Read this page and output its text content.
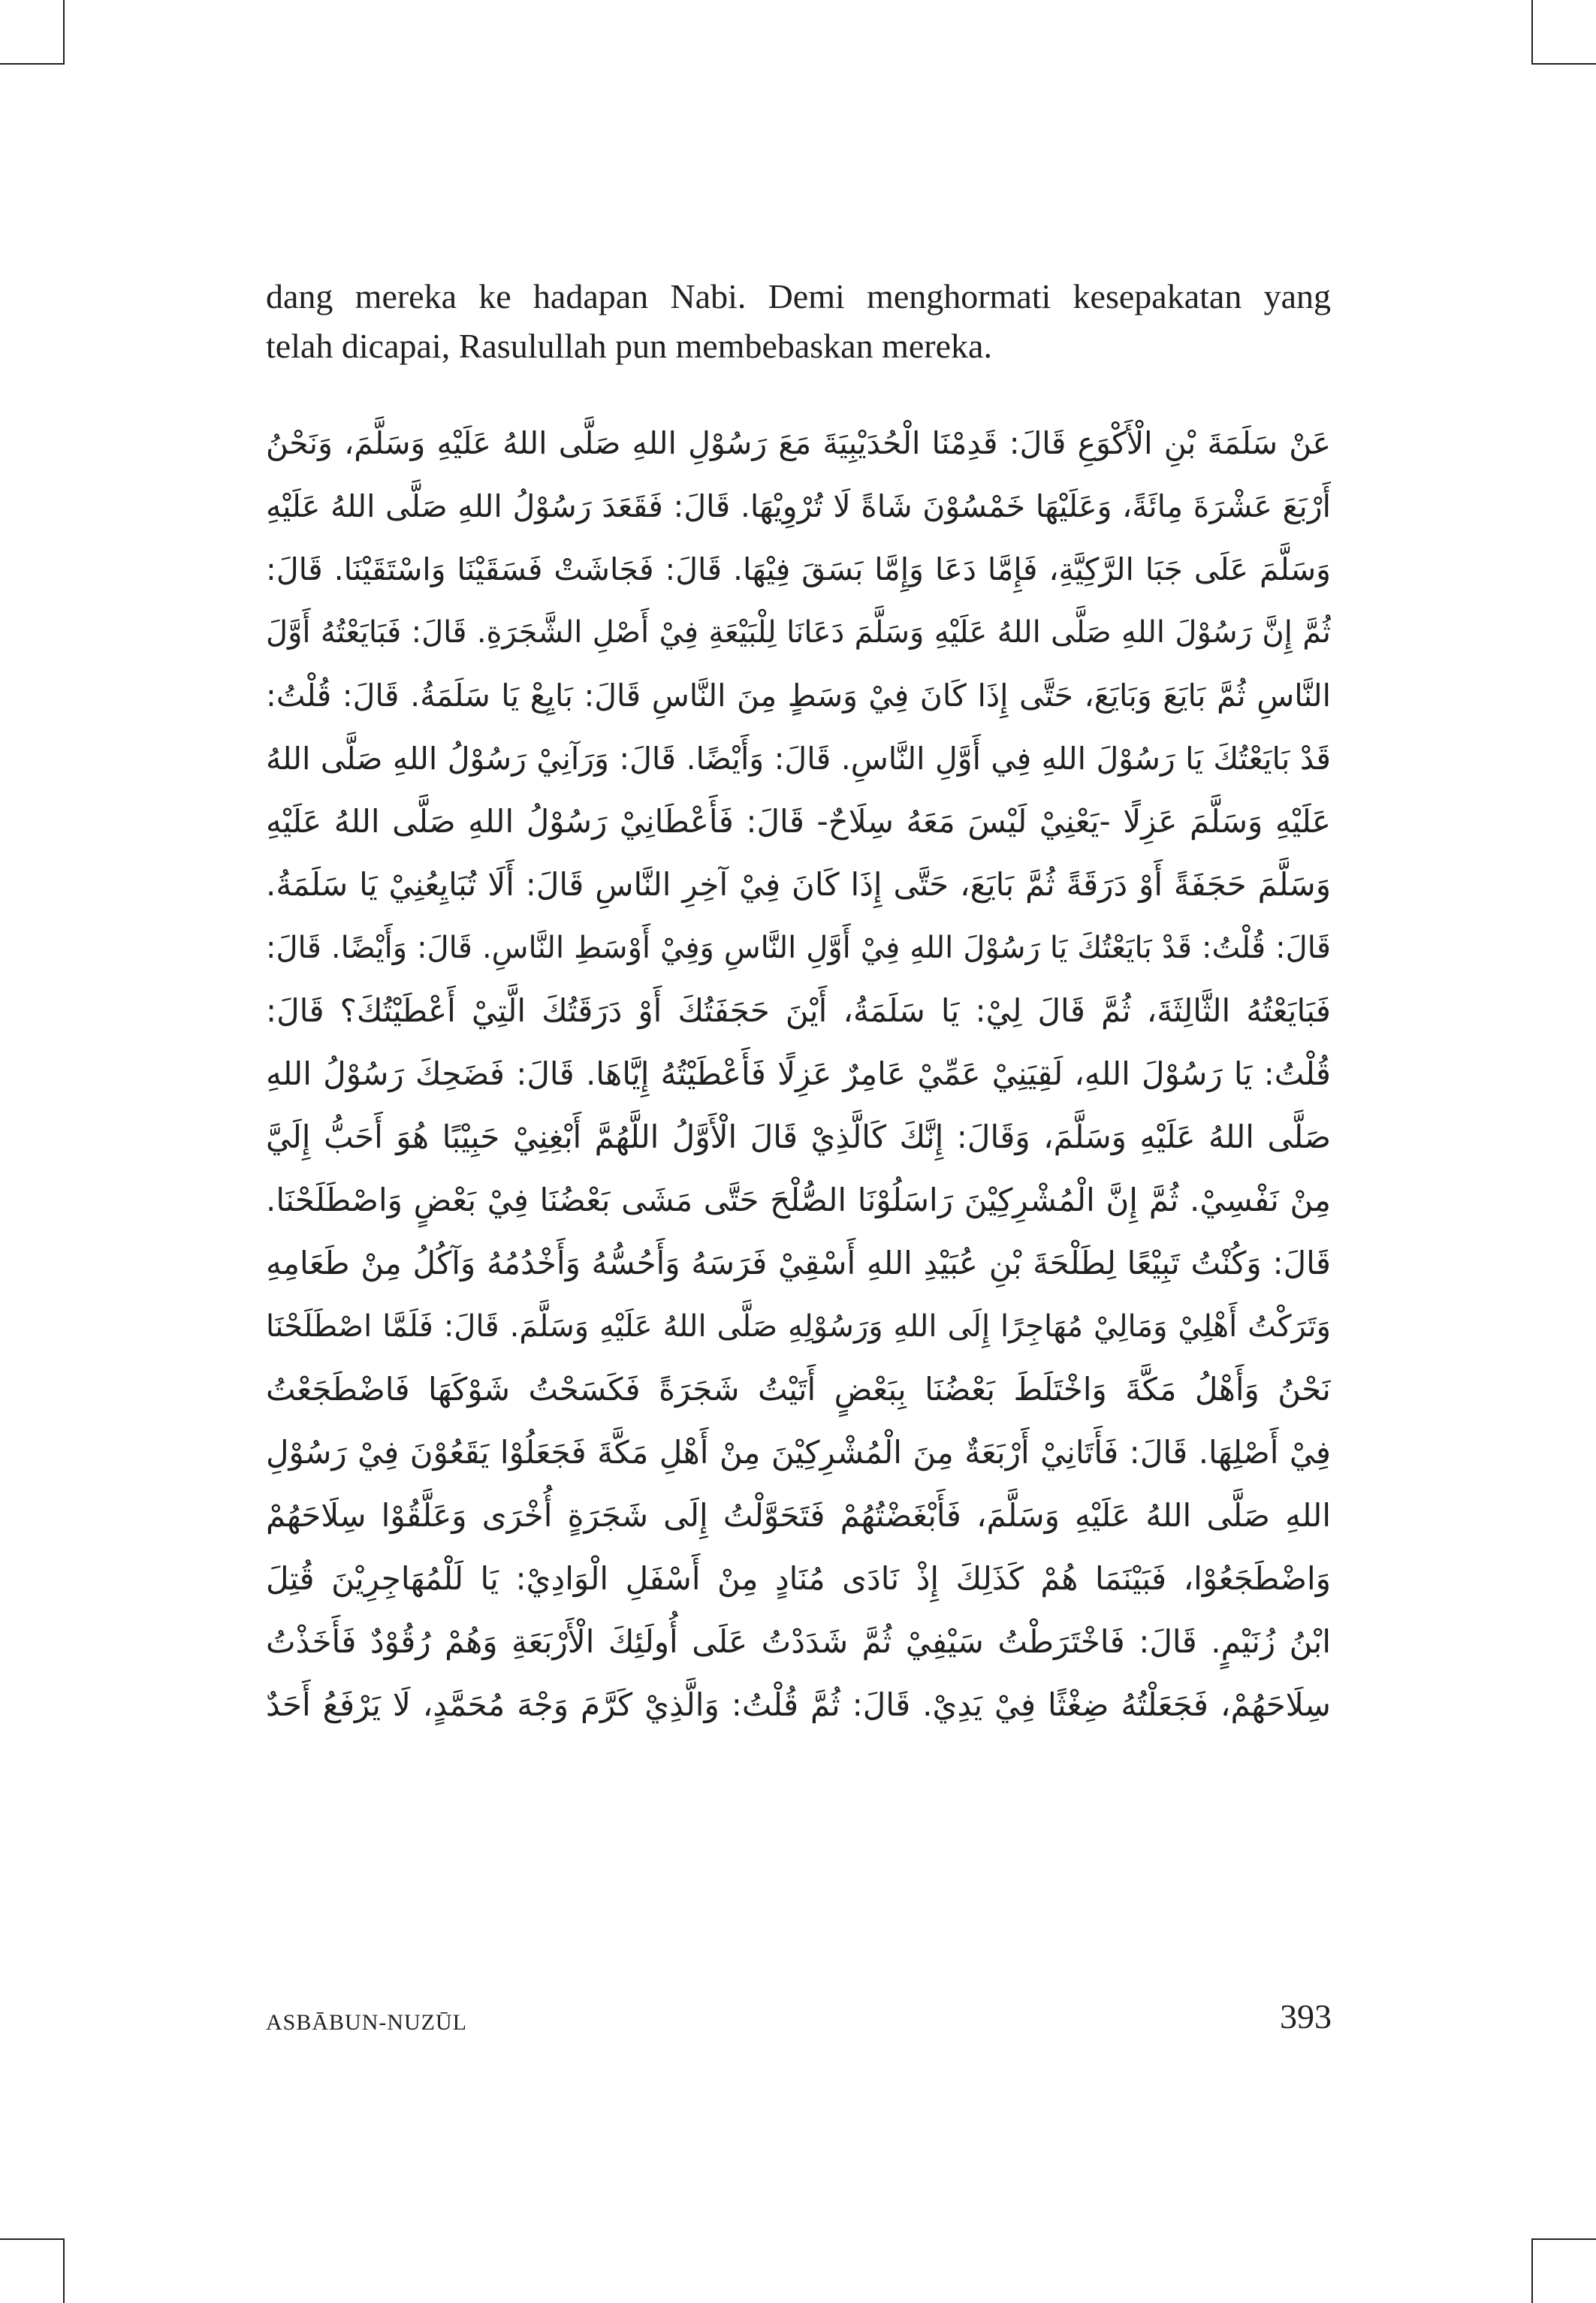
dang mereka ke hadapan Nabi. Demi menghormati kesepakatan yang

telah dicapai, Rasulullah pun membebaskan mereka.

عَنْ سَلَمَةَ بْنِ الْأَكْوَعِ قَالَ: قَدِمْنَا الْحُدَيْبِيَةَ مَعَ رَسُوْلِ اللهِ صَلَّى اللهُ عَلَيْهِ وَسَلَّمَ، وَنَحْنُ
أَرْبَعَ عَشْرَةَ مِائَةً، وَعَلَيْهَا خَمْسُوْنَ شَاةً لَا تُرْوِيْهَا. قَالَ: فَقَعَدَ رَسُوْلُ اللهِ صَلَّى اللهُ عَلَيْهِ
وَسَلَّمَ عَلَى جَبَا الرَّكِيَّةِ، فَإِمَّا دَعَا وَإِمَّا بَسَقَ فِيْهَا. قَالَ: فَجَاشَتْ فَسَقَيْنَا وَاسْتَقَيْنَا. قَالَ:
ثُمَّ إِنَّ رَسُوْلَ اللهِ صَلَّى اللهُ عَلَيْهِ وَسَلَّمَ دَعَانَا لِلْبَيْعَةِ فِيْ أَصْلِ الشَّجَرَةِ. قَالَ: فَبَايَعْتُهُ أَوَّلَ
النَّاسِ ثُمَّ بَايَعَ وَبَايَعَ، حَتَّى إِذَا كَانَ فِيْ وَسَطٍ مِنَ النَّاسِ قَالَ: بَايِعْ يَا سَلَمَةُ. قَالَ: قُلْتُ:
قَدْ بَايَعْتُكَ يَا رَسُوْلَ اللهِ فِي أَوَّلِ النَّاسِ. قَالَ: وَأَيْضًا. قَالَ: وَرَآنِيْ رَسُوْلُ اللهِ صَلَّى اللهُ
عَلَيْهِ وَسَلَّمَ عَزِلًا -يَعْنِيْ لَيْسَ مَعَهُ سِلَاحٌ- قَالَ: فَأَعْطَانِيْ رَسُوْلُ اللهِ صَلَّى اللهُ عَلَيْهِ
وَسَلَّمَ حَجَفَةً أَوْ دَرَقَةً ثُمَّ بَايَعَ، حَتَّى إِذَا كَانَ فِيْ آخِرِ النَّاسِ قَالَ: أَلَا تُبَايِعُنِيْ يَا سَلَمَةُ.
قَالَ: قُلْتُ: قَدْ بَايَعْتُكَ يَا رَسُوْلَ اللهِ فِيْ أَوَّلِ النَّاسِ وَفِيْ أَوْسَطِ النَّاسِ. قَالَ: وَأَيْضًا. قَالَ:
فَبَايَعْتُهُ الثَّالِثَةَ، ثُمَّ قَالَ لِيْ: يَا سَلَمَةُ، أَيْنَ حَجَفَتُكَ أَوْ دَرَقَتُكَ الَّتِيْ أَعْطَيْتُكَ؟ قَالَ:
قُلْتُ: يَا رَسُوْلَ اللهِ، لَقِيَنِيْ عَمِّيْ عَامِرٌ عَزِلًا فَأَعْطَيْتُهُ إِيَّاهَا. قَالَ: فَضَحِكَ رَسُوْلُ اللهِ
صَلَّى اللهُ عَلَيْهِ وَسَلَّمَ، وَقَالَ: إِنَّكَ كَالَّذِيْ قَالَ الْأَوَّلُ اللَّهُمَّ أَبْغِنِيْ حَبِيْبًا هُوَ أَحَبُّ إِلَيَّ
مِنْ نَفْسِيْ. ثُمَّ إِنَّ الْمُشْرِكِيْنَ رَاسَلُوْنَا الصُّلْحَ حَتَّى مَشَى بَعْضُنَا فِيْ بَعْضٍ وَاصْطَلَحْنَا.
قَالَ: وَكُنْتُ تَبِيْعًا لِطَلْحَةَ بْنِ عُبَيْدِ اللهِ أَسْقِيْ فَرَسَهُ وَأَحُسُّهُ وَأَخْدُمُهُ وَآكُلُ مِنْ طَعَامِهِ
وَتَرَكْتُ أَهْلِيْ وَمَالِيْ مُهَاجِرًا إِلَى اللهِ وَرَسُوْلِهِ صَلَّى اللهُ عَلَيْهِ وَسَلَّمَ. قَالَ: فَلَمَّا اصْطَلَحْنَا
نَحْنُ وَأَهْلُ مَكَّةَ وَاخْتَلَطَ بَعْضُنَا بِبَعْضٍ أَتَيْتُ شَجَرَةً فَكَسَحْتُ شَوْكَهَا فَاضْطَجَعْتُ
فِيْ أَصْلِهَا. قَالَ: فَأَتَانِيْ أَرْبَعَةٌ مِنَ الْمُشْرِكِيْنَ مِنْ أَهْلِ مَكَّةَ فَجَعَلُوْا يَقَعُوْنَ فِيْ رَسُوْلِ
اللهِ صَلَّى اللهُ عَلَيْهِ وَسَلَّمَ، فَأَبْغَضْتُهُمْ فَتَحَوَّلْتُ إِلَى شَجَرَةٍ أُخْرَى وَعَلَّقُوْا سِلَاحَهُمْ
وَاضْطَجَعُوْا، فَبَيْنَمَا هُمْ كَذَلِكَ إِذْ نَادَى مُنَادٍ مِنْ أَسْفَلِ الْوَادِيْ: يَا لَلْمُهَاجِرِيْنَ قُتِلَ
ابْنُ زُنَيْمٍ. قَالَ: فَاخْتَرَطْتُ سَيْفِيْ ثُمَّ شَدَدْتُ عَلَى أُولَئِكَ الْأَرْبَعَةِ وَهُمْ رُقُوْدٌ فَأَخَذْتُ
سِلَاحَهُمْ، فَجَعَلْتُهُ ضِغْثًا فِيْ يَدِيْ. قَالَ: ثُمَّ قُلْتُ: وَالَّذِيْ كَرَّمَ وَجْهَ مُحَمَّدٍ، لَا يَرْفَعُ أَحَدٌ
ASBĀBUN-NUZŪL	393
